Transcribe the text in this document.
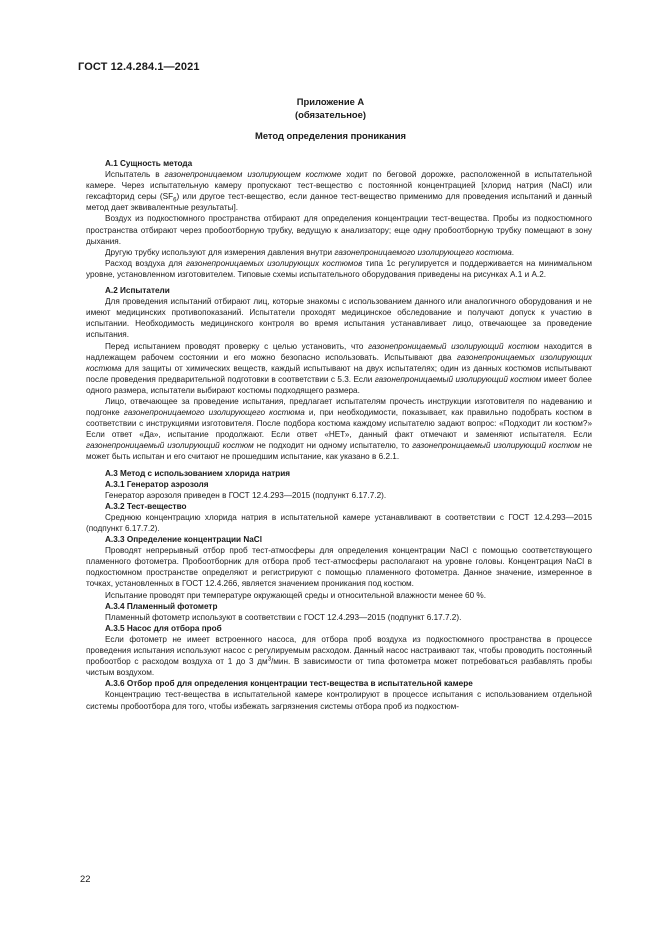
ГОСТ 12.4.284.1—2021
Приложение А
(обязательное)
Метод определения проникания

А.1 Сущность метода

Испытатель в газонепроницаемом изолирующем костюме ходит по беговой дорожке, расположенной в испытательной камере. Через испытательную камеру пропускают тест-вещество с постоянной концентрацией [хлорид натрия (NaCl) или гексафторид серы $(SF_6)$ или другое тест-вещество, если данное тест-вещество применимо для проведения испытаний и данный метод дает эквивалентные результаты].

Воздух из подкостюмного пространства отбирают для определения концентрации тест-вещества. Пробы из подкостюмного пространства отбирают через пробоотборную трубку, ведущую к анализатору; еще одну пробоотборную трубку помещают в зону дыхания.

Другую трубку используют для измерения давления внутри газонепроницаемого изолирующего костюма.

Расход воздуха для газонепроницаемых изолирующих костюмов типа 1с регулируется и поддерживается на минимальном уровне, установленном изготовителем. Типовые схемы испытательного оборудования приведены на рисунках А.1 и А.2.

А.2 Испытатели

Для проведения испытаний отбирают лиц, которые знакомы с использованием данного или аналогичного оборудования и не имеют медицинских противопоказаний. Испытатели проходят медицинское обследование и получают допуск к участию в испытании. Необходимость медицинского контроля во время испытания устанавливает лицо, отвечающее за проведение испытания.

Перед испытанием проводят проверку с целью установить, что газонепроницаемый изолирующий костюм находится в надлежащем рабочем состоянии и его можно безопасно использовать. Испытывают два газонепроницаемых изолирующих костюма для защиты от химических веществ, каждый испытывают на двух испытателях; один из данных костюмов испытывают после проведения предварительной подготовки в соответствии с 5.3. Если газонепроницаемый изолирующий костюм имеет более одного размера, испытатели выбирают костюмы подходящего размера.

Лицо, отвечающее за проведение испытания, предлагает испытателям прочесть инструкции изготовителя по надеванию и подгонке газонепроницаемого изолирующего костюма и, при необходимости, показывает, как правильно подобрать костюм в соответствии с инструкциями изготовителя. После подбора костюма каждому испытателю задают вопрос: «Подходит ли костюм?» Если ответ «Да», испытание продолжают. Если ответ «НЕТ», данный факт отмечают и заменяют испытателя. Если газонепроницаемый изолирующий костюм не подходит ни одному испытателю, то газонепроницаемый изолирующий костюм не может быть испытан и его считают не прошедшим испытание, как указано в 6.2.1.

А.3 Метод с использованием хлорида натрия

А.3.1 Генератор аэрозоля

Генератор аэрозоля приведен в ГОСТ 12.4.293—2015 (подпункт 6.17.7.2).

А.3.2 Тест-вещество

Среднюю концентрацию хлорида натрия в испытательной камере устанавливают в соответствии с ГОСТ 12.4.293—2015 (подпункт 6.17.7.2).

А.3.3 Определение концентрации NaCl

Проводят непрерывный отбор проб тест-атмосферы для определения концентрации NaCl с помощью соответствующего пламенного фотометра. Пробоотборник для отбора проб тест-атмосферы располагают на уровне головы. Концентрация NaCl в подкостюмном пространстве определяют и регистрируют с помощью пламенного фотометра. Данное значение, измеренное в точках, установленных в ГОСТ 12.4.266, является значением проникания под костюм.

Испытание проводят при температуре окружающей среды и относительной влажности менее 60 %.

А.3.4 Пламенный фотометр

Пламенный фотометр используют в соответствии с ГОСТ 12.4.293—2015 (подпункт 6.17.7.2).

А.3.5 Насос для отбора проб

Если фотометр не имеет встроенного насоса, для отбора проб воздуха из подкостюмного пространства в процессе проведения испытания используют насос с регулируемым расходом. Данный насос настраивают так, чтобы проводить постоянный пробоотбор с расходом воздуха от 1 до 3 $дм^3$/мин. В зависимости от типа фотометра может потребоваться разбавлять пробы чистым воздухом.

А.3.6 Отбор проб для определения концентрации тест-вещества в испытательной камере

Концентрацию тест-вещества в испытательной камере контролируют в процессе испытания с использованием отдельной системы пробоотбора для того, чтобы избежать загрязнения системы отбора проб из подкостюм-

22
